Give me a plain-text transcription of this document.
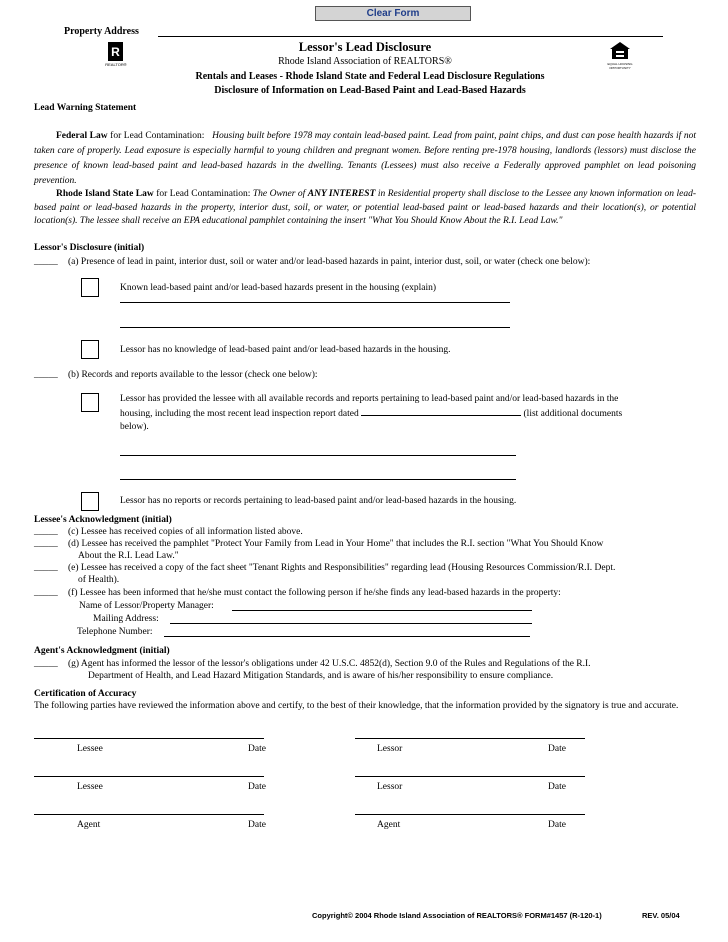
Clear Form
Property Address
R
REALTOR®	EQUAL HOUSING OPPORTUNITY
Lessor's Lead Disclosure
Rhode Island Association of REALTORS®
Rentals and Leases - Rhode Island State and Federal Lead Disclosure Regulations
Disclosure of Information on Lead-Based Paint and Lead-Based Hazards
Lead Warning Statement
Federal Law for Lead Contamination: Housing built before 1978 may contain lead-based paint. Lead from paint, paint chips, and dust can pose health hazards if not taken care of properly. Lead exposure is especially harmful to young children and pregnant women. Before renting pre-1978 housing, landlords (lessors) must disclose the presence of known lead-based paint and lead-based hazards in the dwelling. Tenants (Lessees) must also receive a Federally approved pamphlet on lead poisoning prevention.
Rhode Island State Law for Lead Contamination: The Owner of ANY INTEREST in Residential property shall disclose to the Lessee any known information on lead-based paint or lead-based hazards in the property, interior dust, soil, or water, or potential lead-based paint or lead-based hazards and their location(s), or potential location(s). The lessee shall receive an EPA educational pamphlet containing the insert "What You Should Know About the R.I. Lead Law."
Lessor's Disclosure (initial)
_____ (a) Presence of lead in paint, interior dust, soil or water and/or lead-based hazards in paint, interior dust, soil, or water (check one below):
Known lead-based paint and/or lead-based hazards present in the housing (explain)
Lessor has no knowledge of lead-based paint and/or lead-based hazards in the housing.
_____ (b) Records and reports available to the lessor (check one below):
Lessor has provided the lessee with all available records and reports pertaining to lead-based paint and/or lead-based hazards in the
housing, including the most recent lead inspection report dated	(list additional documents
below).
Lessor has no reports or records pertaining to lead-based paint and/or lead-based hazards in the housing.
Lessee's Acknowledgment (initial)
_____ (c) Lessee has received copies of all information listed above.
_____ (d) Lessee has received the pamphlet "Protect Your Family from Lead in Your Home" that includes the R.I. section "What You Should Know
About the R.I. Lead Law."
_____ (e) Lessee has received a copy of the fact sheet "Tenant Rights and Responsibilities" regarding lead (Housing Resources Commission/R.I. Dept.
of Health).
_____ (f) Lessee has been informed that he/she must contact the following person if he/she finds any lead-based hazards in the property:
Name of Lessor/Property Manager:
Mailing Address:
Telephone Number:
Agent's Acknowledgment (initial)
_____ (g) Agent has informed the lessor of the lessor's obligations under 42 U.S.C. 4852(d), Section 9.0 of the Rules and Regulations of the R.I.
Department of Health, and Lead Hazard Mitigation Standards, and is aware of his/her responsibility to ensure compliance.
Certification of Accuracy
The following parties have reviewed the information above and certify, to the best of their knowledge, that the information provided by the signatory is true and accurate.
Lessee	Date	Lessor	Date
Lessee	Date	Lessor	Date
Agent	Date	Agent	Date
Copyright© 2004 Rhode Island Association of REALTORS® FORM#1457 (R-120-1)	REV. 05/04
